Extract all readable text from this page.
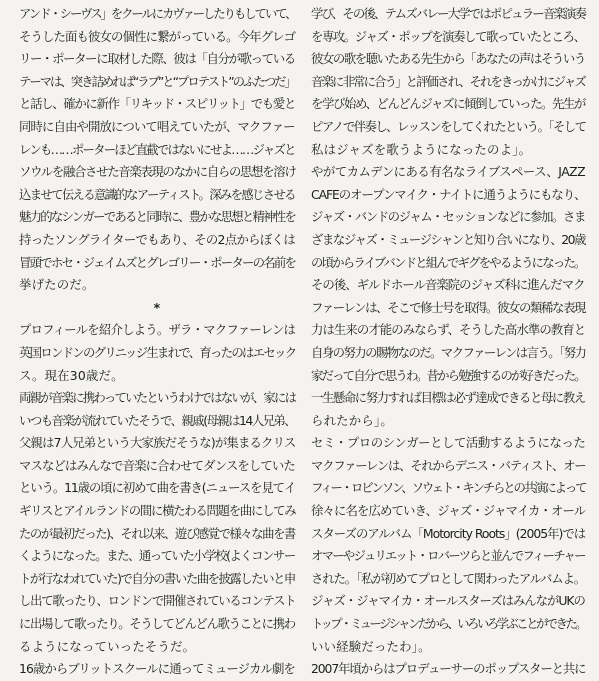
アンド・シーヴス」をクールにカヴァーしたりもしていて、
そうした面も彼女の個性に繋がっている。今年グレゴ
リー・ポーターに取材した際、彼は「自分が歌っている
テーマは、突き詰めれば“ラブ”と“プロテスト”のふたつだ」
と話し、確かに新作「リキッド・スピリット」でも愛と
同時に自由や開放について唱えていたが、マクファー
レンも……ポーターほど直截ではないにせよ……ジャズと
ソウルを融合させた音楽表現のなかに自らの思想を溶け
込ませて伝える意識的なアーティスト。深みを感じさせる
魅力的なシンガーであると同時に、豊かな思想と精神性を
持ったソングライターでもあり、その2点からぼくは
冒頭でホセ・ジェイムズとグレゴリー・ポーターの名前を
挙げたのだ。
*
プロフィールを紹介しよう。ザラ・マクファーレンは
英国ロンドンのグリニッジ生まれで、育ったのはエセック
ス。現在30歳だ。
両親が音楽に携わっていたというわけではないが、家には
いつも音楽が流れていたそうで、親戚(母親は14人兄弟、
父親は7人兄弟という大家族だそうな)が集まるクリス
マスなどはみんなで音楽に合わせてダンスをしていた
という。11歳の頃に初めて曲を書き(ニュースを見てイ
ギリスとアイルランドの間に横たわる問題を曲にしてみ
たのが最初だった)、それ以来、遊び感覚で様々な曲を書
くようになった。また、通っていた小学校(よくコンサー
トが行なわれていた)で自分の書いた曲を披露したいと申
し出て歌ったり、ロンドンで開催されているコンテスト
に出場して歌ったり。そうしてどんどん歌うことに携わ
るようになっていったそうだ。
16歳からブリットスクールに通ってミュージカル劇を
学び、その後、テムズバレー大学ではポピュラー音楽演奏
を専攻。ジャズ・ポップを演奏して歌っていたところ、
彼女の歌を聴いたある先生から「あなたの声はそういう
音楽に非常に合う」と評価され、それをきっかけにジャズ
を学び始め、どんどんジャズに傾倒していった。先生が
ピアノで伴奏し、レッスンをしてくれたという。「そして
私はジャズを歌うようになったのよ」。
やがてカムデンにある有名なライブスペース、JAZZ
CAFEのオープンマイク・ナイトに通うようにもなり、
ジャズ・バンドのジャム・セッションなどに参加。さま
ざまなジャズ・ミュージシャンと知り合いになり、20歳
の頃からライブバンドと組んでギグをやるようになった。
その後、ギルドホール音楽院のジャズ科に進んだマク
ファーレンは、そこで修士号を取得。彼女の類稀な表現
力は生来の才能のみならず、そうした高水準の教育と
自身の努力の賜物なのだ。マクファーレンは言う。「努力
家だって自分で思うわ。昔から勉強するのが好きだった。
一生懸命に努力すれば目標は必ず達成できると母に教え
られたから」。
セミ・プロのシンガーとして活動するようになった
マクファーレンは、それからデニス・バティスト、オー
フィー・ロビンソン、ソウェト・キンチらとの共演によって
徐々に名を広めていき、ジャズ・ジャマイカ・オール
スターズのアルバム「Motorcity Roots」(2005年)では
オマーやジュリエット・ロバーツらと並んでフィーチャー
された。「私が初めてプロとして関わったアルバムよ。
ジャズ・ジャマイカ・オールスターズはみんながUKの
トップ・ミュージシャンだから、いろいろ学ぶことができた。
いい経験だったわ」。
2007年頃からはプロデューサーのポップスターと共に
